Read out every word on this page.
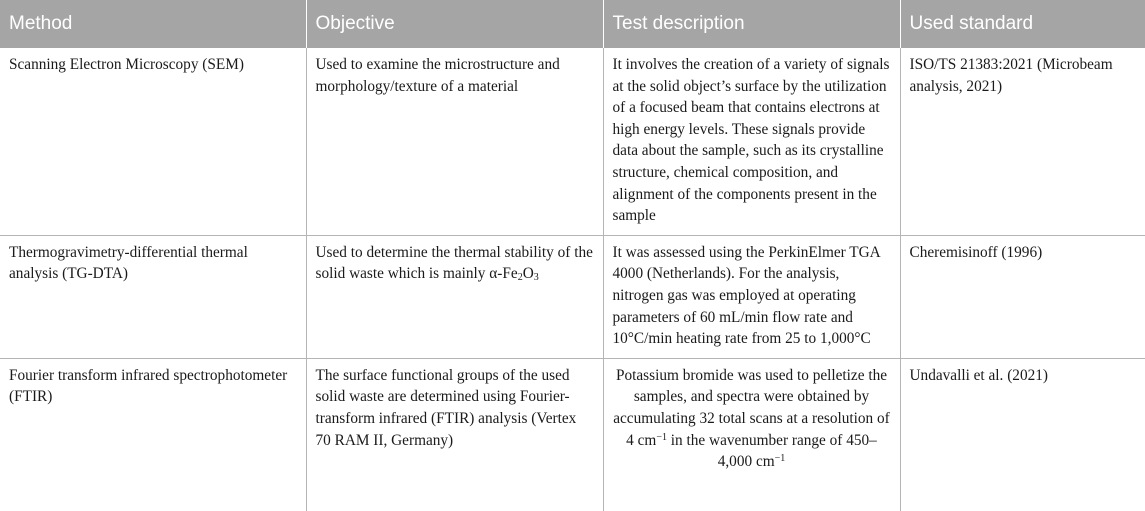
Method	Objective	Test description	Used standard
Scanning Electron Microscopy (SEM)	Used to examine the microstructure and morphology/texture of a material	It involves the creation of a variety of signals at the solid object’s surface by the utilization of a focused beam that contains electrons at high energy levels. These signals provide data about the sample, such as its crystalline structure, chemical composition, and alignment of the components present in the sample	ISO/TS 21383:2021 (Microbeam analysis, 2021)
Thermogravimetry-differential thermal analysis (TG-DTA)	Used to determine the thermal stability of the solid waste which is mainly $\alpha-Fe_2O_3$	It was assessed using the PerkinElmer TGA 4000 (Netherlands). For the analysis, nitrogen gas was employed at operating parameters of 60 mL/min flow rate and 10°C/min heating rate from 25 to 1,000°C	Cheremisinoff (1996)
Fourier transform infrared spectrophotometer (FTIR)	The surface functional groups of the used solid waste are determined using Fourier-transform infrared (FTIR) analysis (Vertex 70 RAM II, Germany)	Potassium bromide was used to pelletize the samples, and spectra were obtained by accumulating 32 total scans at a resolution of 4 $cm^{-1}$ in the wavenumber range of 450–4,000 $cm^{-1}$	Undavalli et al. (2021)
